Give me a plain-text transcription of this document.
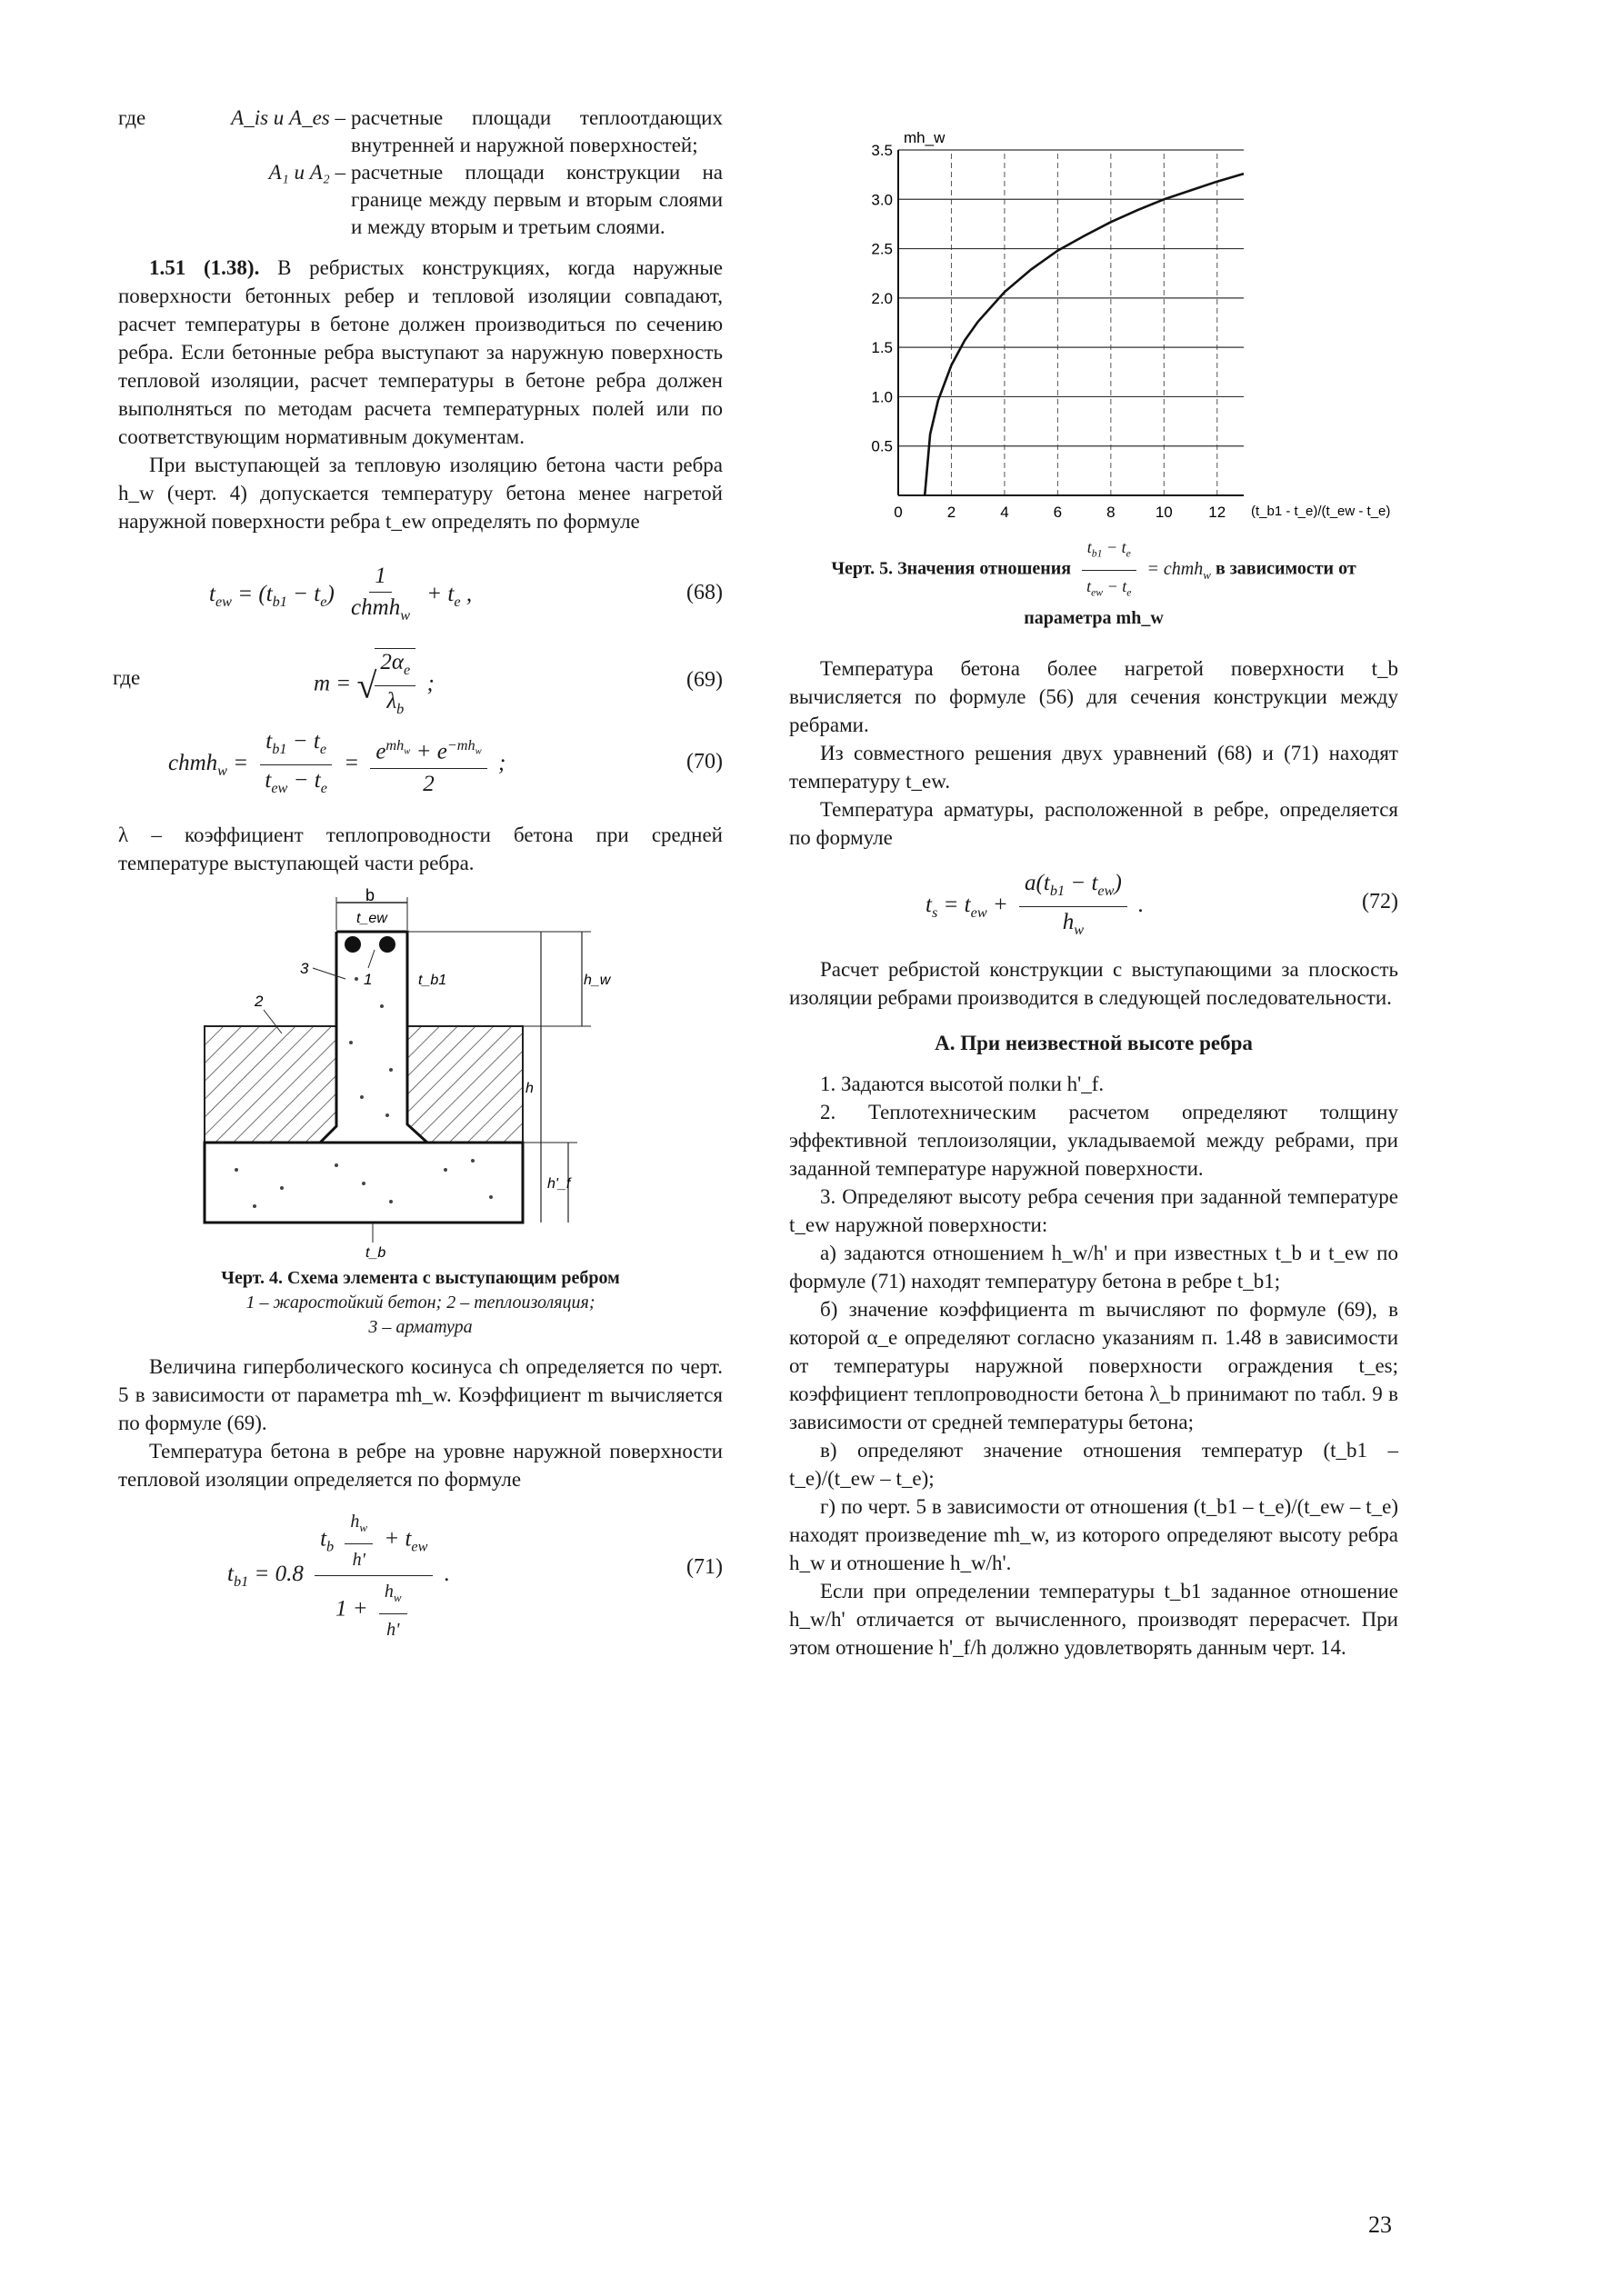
где	A_is и A_es – расчетные площади теплоотдающих внутренней и наружной поверхностей;
A₁ и A₂ – расчетные площади конструкции на границе между первым и вторым слоями и между вторым и третьим слоями.

1.51 (1.38). В ребристых конструкциях, когда наружные поверхности бетонных ребер и тепловой изоляции совпадают, расчет температуры в бетоне должен производиться по сечению ребра. Если бетонные ребра выступают за наружную поверхность тепловой изоляции, расчет температуры в бетоне ребра должен выполняться по методам расчета температурных полей или по соответствующим нормативным документам.

При выступающей за тепловую изоляцию бетона части ребра h_w (черт. 4) допускается температуру бетона менее нагретой наружной поверхности ребра t_ew определять по формуле

$t_{ew} = (t_{b1} - t_e) \frac{1}{chmh_w} + t_e$ ,	(68)
где	m = √
$\frac{2\alpha_e}{\lambda_b}$ ;	(69)
chmh$_w$ = $\frac{t_{b1} - t_e}{t_{ew} - t_e} = \frac{e^{mh_w} + e^{-mh_w}}{2}$ ;	(70)

λ – коэффициент теплопроводности бетона при средней температуре выступающей части ребра.

b
t_ew
t_b1	h_w
h'_f
h
3
2
1
t_b
Черт. 4. Схема элемента с выступающим ребром
1 – жаростойкий бетон; 2 – теплоизоляция;
3 – арматура

Величина гиперболического косинуса ch определяется по черт. 5 в зависимости от параметра mh_w. Коэффициент m вычисляется по формуле (69).

Температура бетона в ребре на уровне наружной поверхности тепловой изоляции определяется по формуле

$t_{b1} = 0.8 \frac{t_b \frac{h_w}{h'} + t_{ew}}{1 + \frac{h_w}{h'}}$ .	(71)
0	2	4	6	8	10 12
0.5
1.0
1.5
2.0
2.5
3.0
3.5
mh_w
(t_b1 - t_e)/(t_ew - t_e)
Черт. 5. Значения отношения $\frac{t_{b1} - t_e}{t_{ew} - t_e}$ = chmh$_w$ в зависимости от параметра mh_w

Температура бетона более нагретой поверхности t_b вычисляется по формуле (56) для сечения конструкции между ребрами.

Из совместного решения двух уравнений (68) и (71) находят температуру t_ew.

Температура арматуры, расположенной в ребре, определяется по формуле

$t_s = t_{ew} + \frac{a(t_{b1} - t_{ew})}{h_w}$ .	(72)

Расчет ребристой конструкции с выступающими за плоскость изоляции ребрами производится в следующей последовательности.

А. При неизвестной высоте ребра

1. Задаются высотой полки h'_f.

2. Теплотехническим расчетом определяют толщину эффективной теплоизоляции, укладываемой между ребрами, при заданной температуре наружной поверхности.

3. Определяют высоту ребра сечения при заданной температуре t_ew наружной поверхности:

а) задаются отношением h_w/h' и при известных t_b и t_ew по формуле (71) находят температуру бетона в ребре t_b1;

б) значение коэффициента m вычисляют по формуле (69), в которой α_e определяют согласно указаниям п. 1.48 в зависимости от температуры наружной поверхности ограждения t_es; коэффициент теплопроводности бетона λ_b принимают по табл. 9 в зависимости от средней температуры бетона;

в) определяют значение отношения температур (t_b1 – t_e)/(t_ew – t_e);

г) по черт. 5 в зависимости от отношения (t_b1 – t_e)/(t_ew – t_e) находят произведение mh_w, из которого определяют высоту ребра h_w и отношение h_w/h'.

Если при определении температуры t_b1 заданное отношение h_w/h' отличается от вычисленного, производят перерасчет. При этом отношение h'_f/h должно удовлетворять данным черт. 14.

23
